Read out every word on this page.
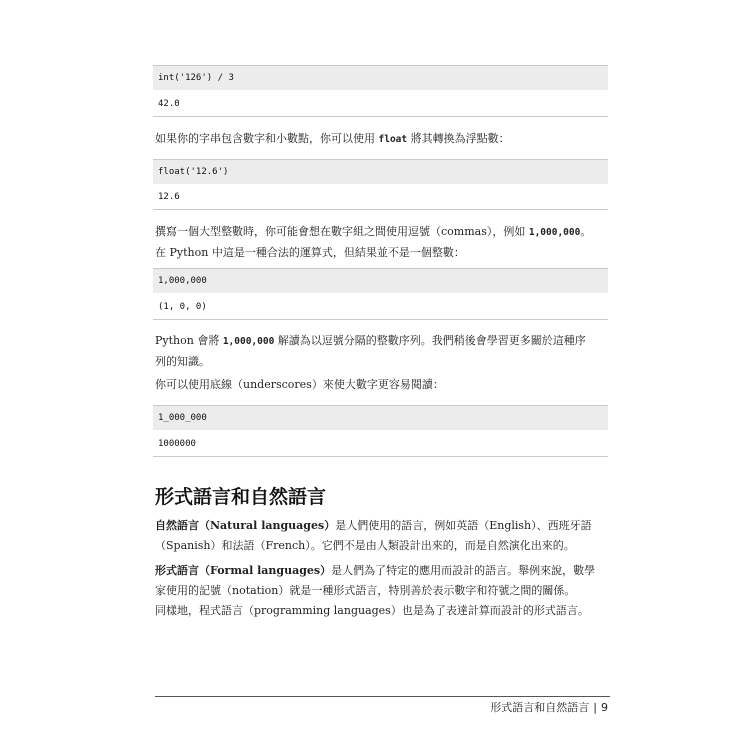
int('126') / 3
42.0
如果你的字串包含數字和小數點，你可以使用 float 將其轉換為浮點數：
float('12.6')
12.6
撰寫一個大型整數時，你可能會想在數字組之間使用逗號（commas），例如 1,000,000。
在 Python 中這是一種合法的運算式，但結果並不是一個整數：
1,000,000
(1, 0, 0)
Python 會將 1,000,000 解讀為以逗號分隔的整數序列。我們稍後會學習更多關於這種序
列的知識。
你可以使用底線（underscores）來使大數字更容易閱讀：
1_000_000
1000000
形式語言和自然語言
自然語言（Natural languages）是人們使用的語言，例如英語（English）、西班牙語
（Spanish）和法語（French）。它們不是由人類設計出來的，而是自然演化出來的。
形式語言（Formal languages）是人們為了特定的應用而設計的語言。舉例來說，數學
家使用的記號（notation）就是一種形式語言，特別善於表示數字和符號之間的關係。
同樣地，程式語言（programming languages）也是為了表達計算而設計的形式語言。
形式語言和自然語言 | 9
